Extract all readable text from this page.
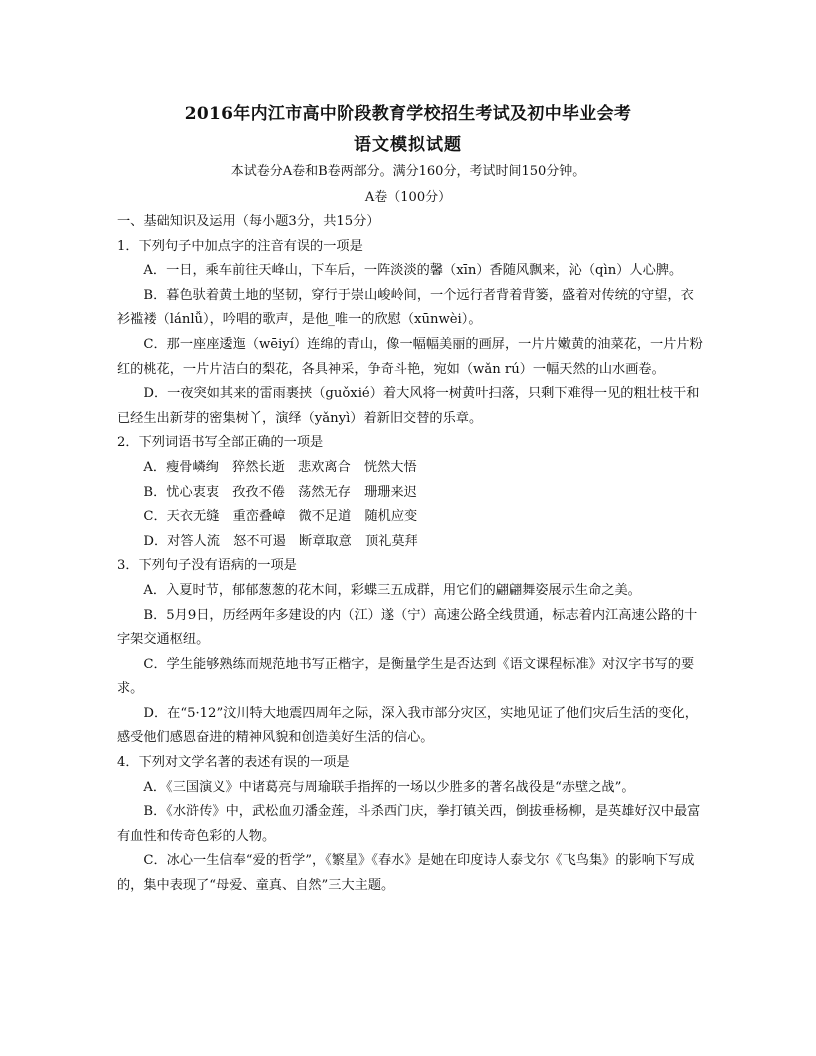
2016年内江市高中阶段教育学校招生考试及初中毕业会考
语文模拟试题
本试卷分A卷和B卷两部分。满分160分，考试时间150分钟。
A卷（100分）

一、基础知识及运用（每小题3分，共15分）

1．下列句子中加点字的注音有误的一项是

A．一日，乘车前往天峰山，下车后，一阵淡淡的馨（xīn）香随风飘来，沁（qìn）人心脾。

B．暮色驮着黄土地的坚韧，穿行于崇山峻岭间，一个远行者背着背篓，盛着对传统的守望，衣衫褴褛（lánlǚ），吟唱的歌声，是他_唯一的欣慰（xūnwèi）。

C．那一座座逶迤（wēiyí）连绵的青山，像一幅幅美丽的画屏，一片片嫩黄的油菜花，一片片粉红的桃花，一片片洁白的梨花，各具神采，争奇斗艳，宛如（wǎn rú）一幅天然的山水画卷。

D．一夜突如其来的雷雨裹挟（guǒxié）着大风将一树黄叶扫落，只剩下难得一见的粗壮枝干和已经生出新芽的密集树丫，演绎（yǎnyì）着新旧交替的乐章。

2．下列词语书写全部正确的一项是

A．瘦骨嶙绚　猝然长逝　悲欢离合　恍然大悟

B．忧心衷衷　孜孜不倦　荡然无存　珊珊来迟

C．天衣无缝　重峦叠嶂　微不足道　随机应变

D．对答人流　怒不可遏　断章取意　顶礼莫拜

3．下列句子没有语病的一项是

A．入夏时节，郁郁葱葱的花木间，彩蝶三五成群，用它们的翩翩舞姿展示生命之美。

B．5月9日，历经两年多建设的内（江）遂（宁）高速公路全线贯通，标志着内江高速公路的十字架交通枢纽。

C．学生能够熟练而规范地书写正楷字，是衡量学生是否达到《语文课程标准》对汉字书写的要求。

D．在“5·12”汶川特大地震四周年之际，深入我市部分灾区，实地见证了他们灾后生活的变化，感受他们感恩奋进的精神风貌和创造美好生活的信心。

4．下列对文学名著的表述有误的一项是

A．《三国演义》中诸葛亮与周瑜联手指挥的一场以少胜多的著名战役是“赤壁之战”。

B．《水浒传》中，武松血刃潘金莲，斗杀西门庆，拳打镇关西，倒拔垂杨柳，是英雄好汉中最富有血性和传奇色彩的人物。

C．冰心一生信奉“爱的哲学”，《繁星》《春水》是她在印度诗人泰戈尔《飞鸟集》的影响下写成的，集中表现了“母爱、童真、自然”三大主题。
